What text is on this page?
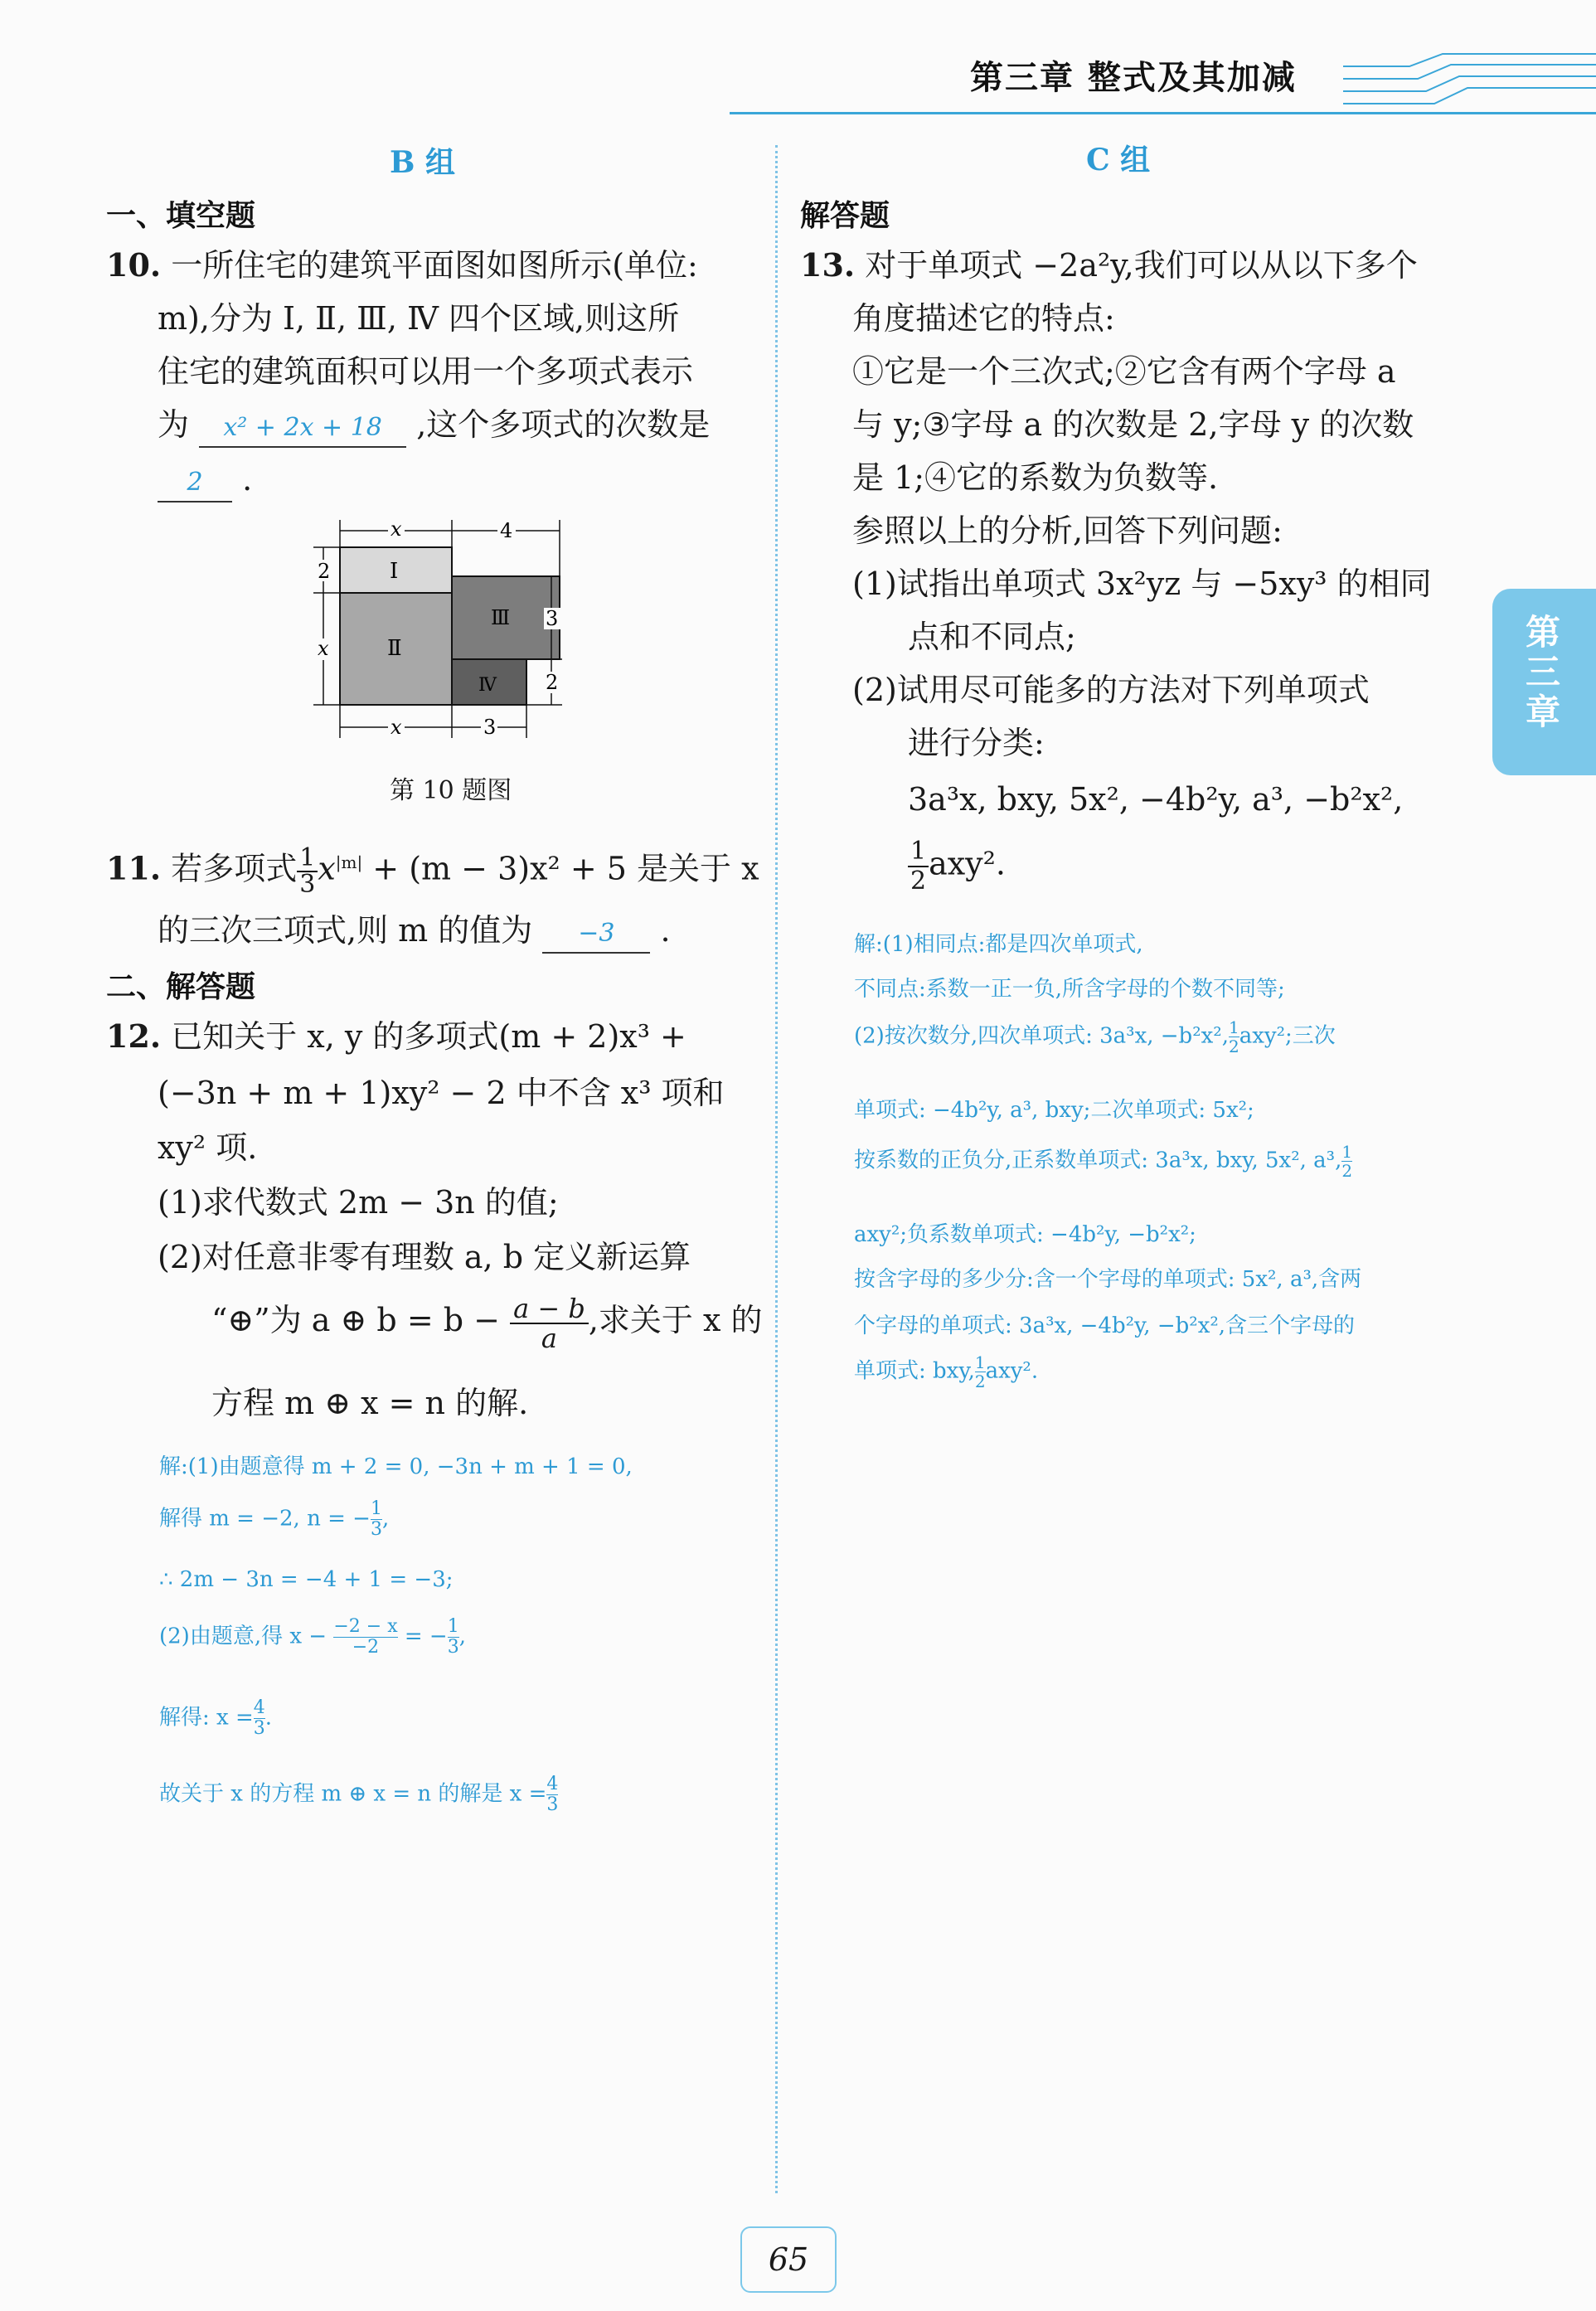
第三章 整式及其加减
第三章
B 组
一、填空题
10. 一所住宅的建筑平面图如图所示(单位:
m),分为 Ⅰ, Ⅱ, Ⅲ, Ⅳ 四个区域,则这所
住宅的建筑面积可以用一个多项式表示
为 x² + 2x + 18 ,这个多项式的次数是
2 .
Ⅰ
Ⅱ
Ⅲ
Ⅳ
x	4
2
x
3
2
x	3
第 10 题图
11. 若多项式 $\frac{1}{3} x^{|m|} + (m - 3)x^2 + 5$ 是关于 x
的三次三项式,则 m 的值为 −3 .
二、解答题
12. 已知关于 x, y 的多项式(m + 2)x³ +
(−3n + m + 1)xy² − 2 中不含 x³ 项和
xy² 项.
(1)求代数式 2m − 3n 的值;
(2)对任意非零有理数 a, b 定义新运算
“⊕”为 a ⊕ $b = b - \frac{a - b}{a}$ ,求关于 x 的
方程 m ⊕ x = n 的解.
解:(1)由题意得 m + 2 = 0, −3n + m + 1 = 0,
解得 m = −2, n = − $\frac{1}{3}$ ,
∴ 2m − 3n = −4 + 1 = −3;
(2)由题意,得 $x - \frac{-2 - x}{-2}$ = − $\frac{1}{3}$ ,
解得: $x = \frac{4}{3}$ .
故关于 x 的方程 m ⊕ x = n 的解是 $x = \frac{4}{3}$
C 组
解答题
13. 对于单项式 −2a²y,我们可以从以下多个
角度描述它的特点:
①它是一个三次式;②它含有两个字母 a
与 y;③字母 a 的次数是 2,字母 y 的次数
是 1;④它的系数为负数等.
参照以上的分析,回答下列问题:
(1)试指出单项式 3x²yz 与 −5xy³ 的相同
点和不同点;
(2)试用尽可能多的方法对下列单项式
进行分类:
3a³x, bxy, 5x², −4b²y, a³, −b²x²,
$\frac{1}{2} axy^2$.
解:(1)相同点:都是四次单项式,
不同点:系数一正一负,所含字母的个数不同等;
(2)按次数分,四次单项式: 3a³x, −b²x², $\frac{1}{2} axy^2$;三次
单项式: −4b²y, a³, bxy;二次单项式: 5x²;
按系数的正负分,正系数单项式: 3a³x, bxy, 5x², a³, $\frac{1}{2}$
axy²;负系数单项式: −4b²y, −b²x²;
按含字母的多少分:含一个字母的单项式: 5x², a³,含两
个字母的单项式: 3a³x, −4b²y, −b²x²,含三个字母的
单项式: bxy, $\frac{1}{2} axy^2$.
65
